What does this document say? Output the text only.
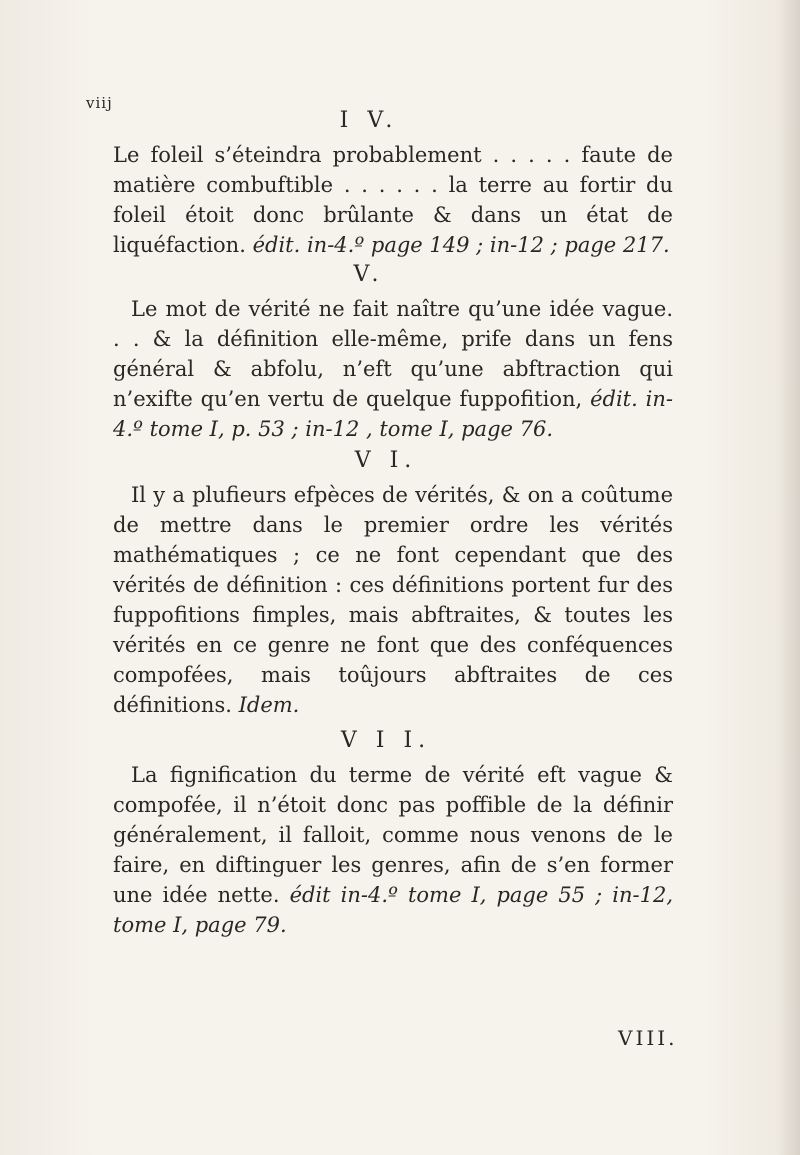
viij

I V.

Le foleil s’éteindra probablement . . . . . faute de matière combuftible . . . . . . la terre au fortir du foleil étoit donc brûlante & dans un état de liquéfaction. édit. in-4.º page 149 ; in-12 ; page 217.

V.

Le mot de vérité ne fait naître qu’une idée vague. . . & la définition elle-même, prife dans un fens général & abfolu, n’eft qu’une abftraction qui n’exifte qu’en vertu de quelque fuppofition, édit. in-4.º tome I, p. 53 ; in-12 , tome I, page 76.

V I.

Il y a plufieurs efpèces de vérités, & on a coûtume de mettre dans le premier ordre les vérités mathématiques ; ce ne font cependant que des vérités de définition : ces définitions portent fur des fuppofitions fimples, mais abftraites, & toutes les vérités en ce genre ne font que des conféquences compofées, mais toûjours abftraites de ces définitions. Idem.

V I I.

La fignification du terme de vérité eft vague & compofée, il n’étoit donc pas poffible de la définir généralement, il falloit, comme nous venons de le faire, en diftinguer les genres, afin de s’en former une idée nette. édit in-4.º tome I, page 55 ; in-12, tome I, page 79.

VIII.
